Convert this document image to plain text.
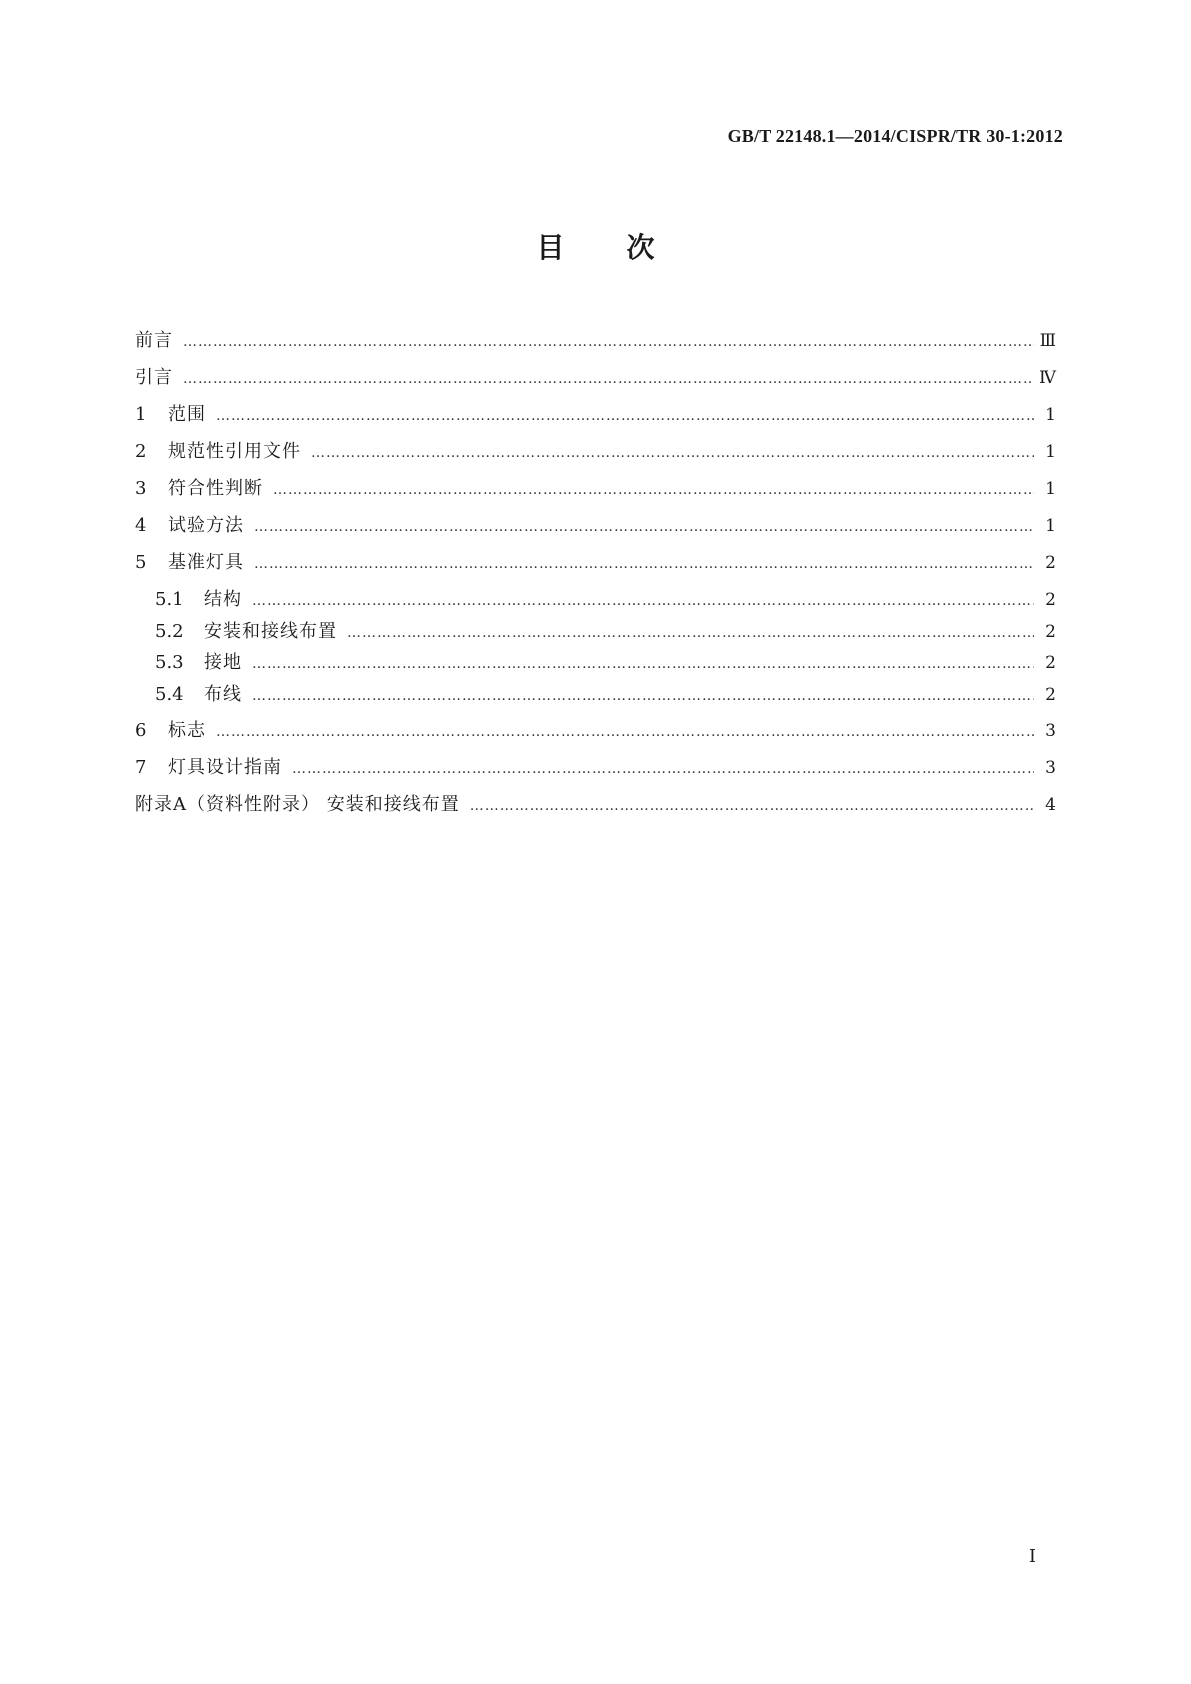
GB/T 22148.1—2014/CISPR/TR 30-1:2012
目次
前言 …………………………………………………………………………………………………………………………………………………………………………………………………	Ⅲ
引言 …………………………………………………………………………………………………………………………………………………………………………………………………	Ⅳ
1	范围 …………………………………………………………………………………………………………………………………………………………………………………………………	1
2	规范性引用文件 …………………………………………………………………………………………………………………………………………………………………………………………………	1
3	符合性判断 …………………………………………………………………………………………………………………………………………………………………………………………………	1
4	试验方法 …………………………………………………………………………………………………………………………………………………………………………………………………	1
5	基准灯具 …………………………………………………………………………………………………………………………………………………………………………………………………	2
5.1	结构 …………………………………………………………………………………………………………………………………………………………………………………………………	2
5.2	安装和接线布置 …………………………………………………………………………………………………………………………………………………………………………………………………	2
5.3	接地 …………………………………………………………………………………………………………………………………………………………………………………………………	2
5.4	布线 …………………………………………………………………………………………………………………………………………………………………………………………………	2
6	标志 …………………………………………………………………………………………………………………………………………………………………………………………………	3
7	灯具设计指南 …………………………………………………………………………………………………………………………………………………………………………………………………	3
附录A（资料性附录） 安装和接线布置 …………………………………………………………………………………………………………………………………………………………………………………………………	4
Ⅰ
